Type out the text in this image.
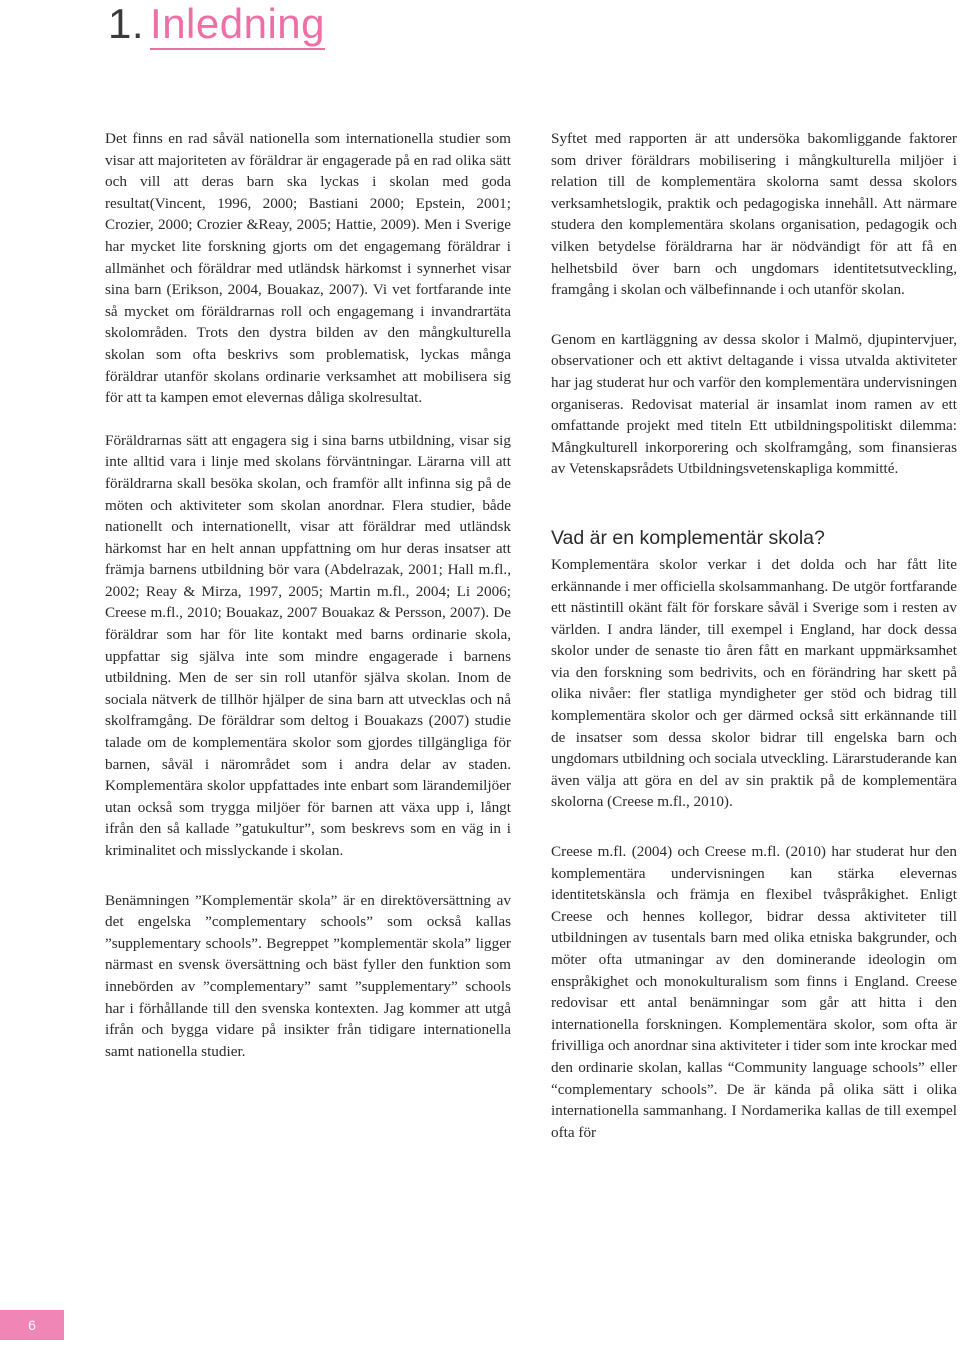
1. Inledning

Det finns en rad såväl nationella som internationella studier som visar att majoriteten av föräldrar är engagerade på en rad olika sätt och vill att deras barn ska lyckas i skolan med goda resultat(Vincent, 1996, 2000; Bastiani 2000; Epstein, 2001; Crozier, 2000; Crozier &Reay, 2005; Hattie, 2009). Men i Sverige har mycket lite forskning gjorts om det engagemang föräldrar i allmänhet och föräldrar med utländsk härkomst i synnerhet visar sina barn (Erikson, 2004, Bouakaz, 2007). Vi vet fortfarande inte så mycket om föräldrarnas roll och engagemang i invandrartäta skolområden. Trots den dystra bilden av den mångkulturella skolan som ofta beskrivs som problematisk, lyckas många föräldrar utanför skolans ordinarie verksamhet att mobilisera sig för att ta kampen emot elevernas dåliga skolresultat.

Föräldrarnas sätt att engagera sig i sina barns utbildning, visar sig inte alltid vara i linje med skolans förväntningar. Lärarna vill att föräldrarna skall besöka skolan, och framför allt infinna sig på de möten och aktiviteter som skolan anordnar. Flera studier, både nationellt och internationellt, visar att föräldrar med utländsk härkomst har en helt annan uppfattning om hur deras insatser att främja barnens utbildning bör vara (Abdelrazak, 2001; Hall m.fl., 2002; Reay & Mirza, 1997, 2005; Martin m.fl., 2004; Li 2006; Creese m.fl., 2010; Bouakaz, 2007 Bouakaz & Persson, 2007). De föräldrar som har för lite kontakt med barns ordinarie skola, uppfattar sig själva inte som mindre engagerade i barnens utbildning. Men de ser sin roll utanför själva skolan. Inom de sociala nätverk de tillhör hjälper de sina barn att utvecklas och nå skolframgång. De föräldrar som deltog i Bouakazs (2007) studie talade om de komplementära skolor som gjordes tillgängliga för barnen, såväl i närområdet som i andra delar av staden. Komplementära skolor uppfattades inte enbart som lärandemiljöer utan också som trygga miljöer för barnen att växa upp i, långt ifrån den så kallade ”gatukultur”, som beskrevs som en väg in i kriminalitet och misslyckande i skolan.

Benämningen ”Komplementär skola” är en direktöversättning av det engelska ”complementary schools” som också kallas ”supplementary schools”. Begreppet ”komplementär skola” ligger närmast en svensk översättning och bäst fyller den funktion som innebörden av ”complementary” samt ”supplementary” schools har i förhållande till den svenska kontexten. Jag kommer att utgå ifrån och bygga vidare på insikter från tidigare internationella samt nationella studier.

Syftet med rapporten är att undersöka bakomliggande faktorer som driver föräldrars mobilisering i mångkulturella miljöer i relation till de komplementära skolorna samt dessa skolors verksamhetslogik, praktik och pedagogiska innehåll. Att närmare studera den komplementära skolans organisation, pedagogik och vilken betydelse föräldrarna har är nödvändigt för att få en helhetsbild över barn och ungdomars identitetsutveckling, framgång i skolan och välbefinnande i och utanför skolan.

Genom en kartläggning av dessa skolor i Malmö, djupintervjuer, observationer och ett aktivt deltagande i vissa utvalda aktiviteter har jag studerat hur och varför den komplementära undervisningen organiseras. Redovisat material är insamlat inom ramen av ett omfattande projekt med titeln Ett utbildningspolitiskt dilemma: Mångkulturell inkorporering och skolframgång, som finansieras av Vetenskapsrådets Utbildningsvetenskapliga kommitté.

Vad är en komplementär skola?

Komplementära skolor verkar i det dolda och har fått lite erkännande i mer officiella skolsammanhang. De utgör fortfarande ett nästintill okänt fält för forskare såväl i Sverige som i resten av världen. I andra länder, till exempel i England, har dock dessa skolor under de senaste tio åren fått en markant uppmärksamhet via den forskning som bedrivits, och en förändring har skett på olika nivåer: fler statliga myndigheter ger stöd och bidrag till komplementära skolor och ger därmed också sitt erkännande till de insatser som dessa skolor bidrar till engelska barn och ungdomars utbildning och sociala utveckling. Lärarstuderande kan även välja att göra en del av sin praktik på de komplementära skolorna (Creese m.fl., 2010).

Creese m.fl. (2004) och Creese m.fl. (2010) har studerat hur den komplementära undervisningen kan stärka elevernas identitetskänsla och främja en flexibel tvåspråkighet. Enligt Creese och hennes kollegor, bidrar dessa aktiviteter till utbildningen av tusentals barn med olika etniska bakgrunder, och möter ofta utmaningar av den dominerande ideologin om enspråkighet och monokulturalism som finns i England. Creese redovisar ett antal benämningar som går att hitta i den internationella forskningen. Komplementära skolor, som ofta är frivilliga och anordnar sina aktiviteter i tider som inte krockar med den ordinarie skolan, kallas “Community language schools” eller “complementary schools”. De är kända på olika sätt i olika internationella sammanhang. I Nordamerika kallas de till exempel ofta för

6
